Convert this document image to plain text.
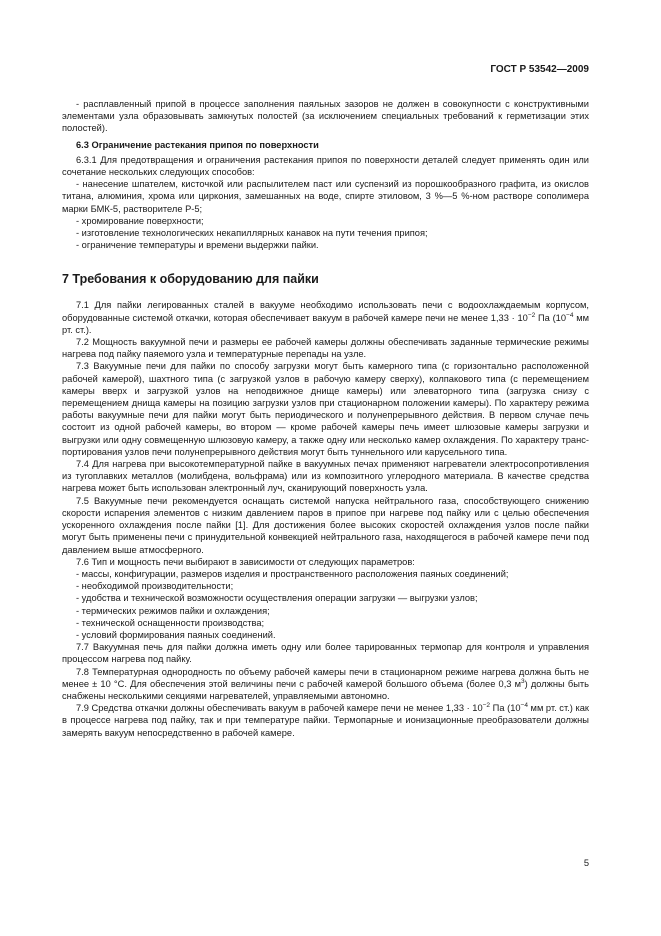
ГОСТ Р 53542—2009

- расплавленный припой в процессе заполнения паяльных зазоров не должен в совокупности с конструктивными элементами узла образовывать замкнутых полостей (за исключением специальных требований к герметизации этих полостей).

6.3 Ограничение растекания припоя по поверхности

6.3.1 Для предотвращения и ограничения растекания припоя по поверхности деталей следует применять один или сочетание нескольких следующих способов:

- нанесение шпателем, кисточкой или распылителем паст или суспензий из порошкообразного графита, из окислов титана, алюминия, хрома или циркония, замешанных на воде, спирте этиловом, 3 %—5 %-ном растворе сополимера марки БМК-5, растворителе Р-5;

- хромирование поверхности;

- изготовление технологических некапиллярных канавок на пути течения припоя;

- ограничение температуры и времени выдержки пайки.

7 Требования к оборудованию для пайки

7.1 Для пайки легированных сталей в вакууме необходимо использовать печи с водоохлаждаемым корпусом, оборудованные системой откачки, которая обеспечивает вакуум в рабочей камере печи не менее $1,33 \cdot 10^{-2}$ Па ($10^{-4}$ мм рт. ст.).

7.2 Мощность вакуумной печи и размеры ее рабочей камеры должны обеспечивать заданные термические режимы нагрева под пайку паяемого узла и температурные перепады на узле.

7.3 Вакуумные печи для пайки по способу загрузки могут быть камерного типа (с горизонтально расположенной рабочей камерой), шахтного типа (с загрузкой узлов в рабочую камеру сверху), колпакового типа (с перемещением камеры вверх и загрузкой узлов на неподвижное днище камеры) или элеваторного типа (загрузка снизу с перемещением днища камеры на позицию загрузки узлов при стационарном положении камеры). По характеру режима работы вакуумные печи для пайки могут быть периодического и полунепрерывного действия. В первом случае печь состоит из одной рабочей камеры, во втором — кроме рабочей камеры печь имеет шлюзовые камеры загрузки и выгрузки или одну совмещенную шлюзовую камеру, а также одну или несколько камер охлаждения. По характеру транспортирования узлов печи полунепрерывного действия могут быть туннельного или карусельного типа.

7.4 Для нагрева при высокотемпературной пайке в вакуумных печах применяют нагреватели электросопротивления из тугоплавких металлов (молибдена, вольфрама) или из композитного углеродного материала. В качестве средства нагрева может быть использован электронный луч, сканирующий поверхность узла.

7.5 Вакуумные печи рекомендуется оснащать системой напуска нейтрального газа, способствующего снижению скорости испарения элементов с низким давлением паров в припое при нагреве под пайку или с целью обеспечения ускоренного охлаждения после пайки [1]. Для достижения более высоких скоростей охлаждения узлов после пайки могут быть применены печи с принудительной конвекцией нейтрального газа, находящегося в рабочей камере печи под давлением выше атмосферного.

7.6 Тип и мощность печи выбирают в зависимости от следующих параметров:

- массы, конфигурации, размеров изделия и пространственного расположения паяных соединений;

- необходимой производительности;

- удобства и технической возможности осуществления операции загрузки — выгрузки узлов;

- термических режимов пайки и охлаждения;

- технической оснащенности производства;

- условий формирования паяных соединений.

7.7 Вакуумная печь для пайки должна иметь одну или более тарированных термопар для контроля и управления процессом нагрева под пайку.

7.8 Температурная однородность по объему рабочей камеры печи в стационарном режиме нагрева должна быть не менее ± 10 °С. Для обеспечения этой величины печи с рабочей камерой большого объема (более 0,3 $м^3$) должны быть снабжены несколькими секциями нагревателей, управляемыми автономно.

7.9 Средства откачки должны обеспечивать вакуум в рабочей камере печи не менее $1,33 \cdot 10^{-2}$ Па ($10^{-4}$ мм рт. ст.) как в процессе нагрева под пайку, так и при температуре пайки. Термопарные и ионизационные преобразователи должны замерять вакуум непосредственно в рабочей камере.

5
